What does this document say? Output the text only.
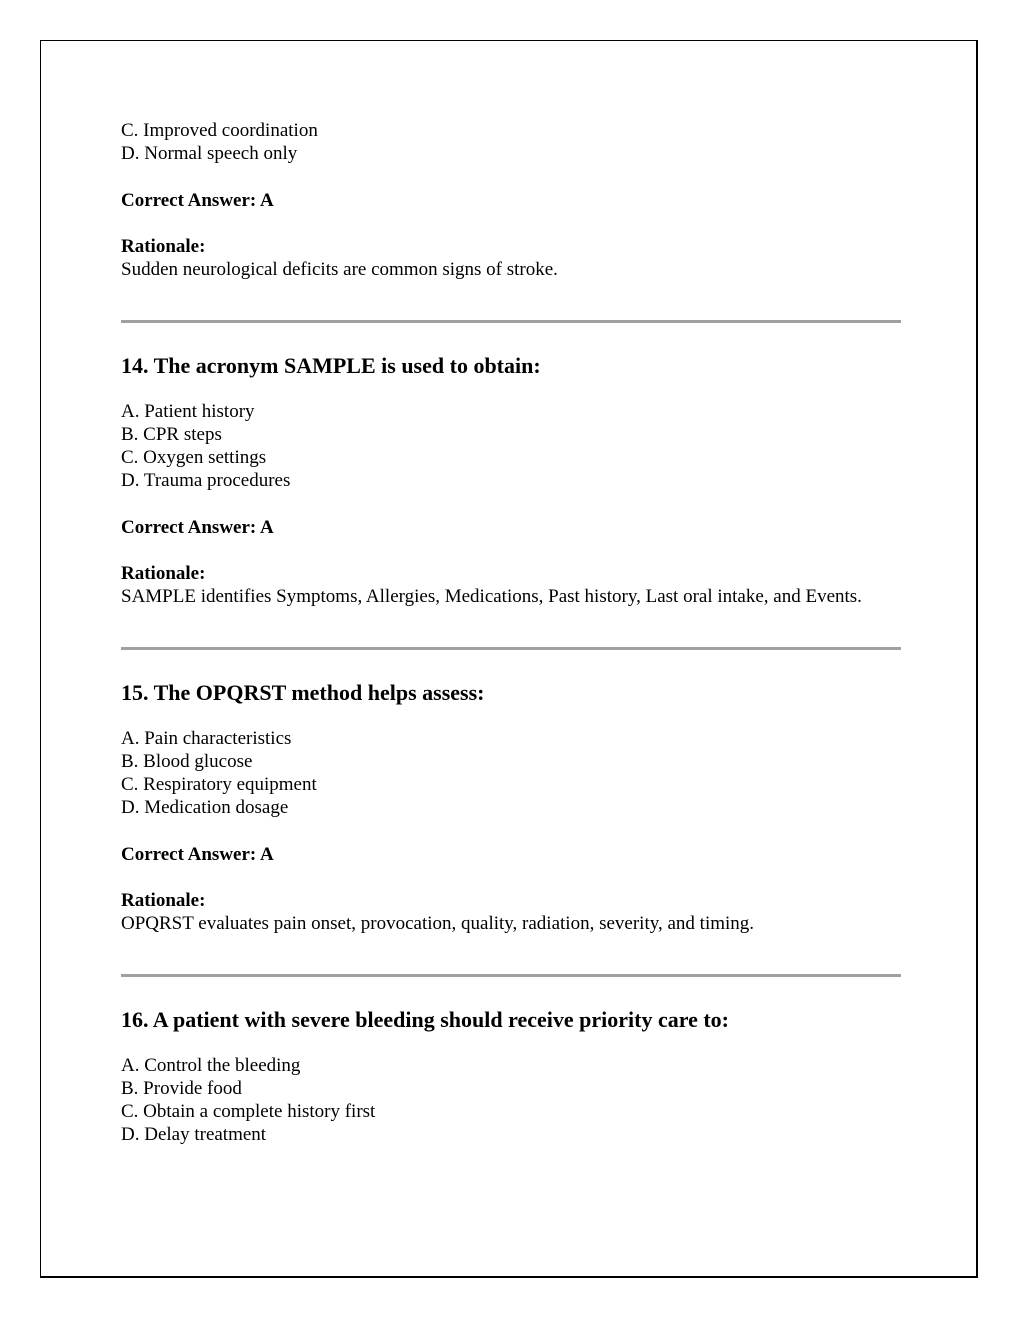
C. Improved coordination

D. Normal speech only

Correct Answer: A

Rationale:

Sudden neurological deficits are common signs of stroke.

14. The acronym SAMPLE is used to obtain:

A. Patient history

B. CPR steps

C. Oxygen settings

D. Trauma procedures

Correct Answer: A

Rationale:

SAMPLE identifies Symptoms, Allergies, Medications, Past history, Last oral intake, and Events.

15. The OPQRST method helps assess:

A. Pain characteristics

B. Blood glucose

C. Respiratory equipment

D. Medication dosage

Correct Answer: A

Rationale:

OPQRST evaluates pain onset, provocation, quality, radiation, severity, and timing.

16. A patient with severe bleeding should receive priority care to:

A. Control the bleeding

B. Provide food

C. Obtain a complete history first

D. Delay treatment
